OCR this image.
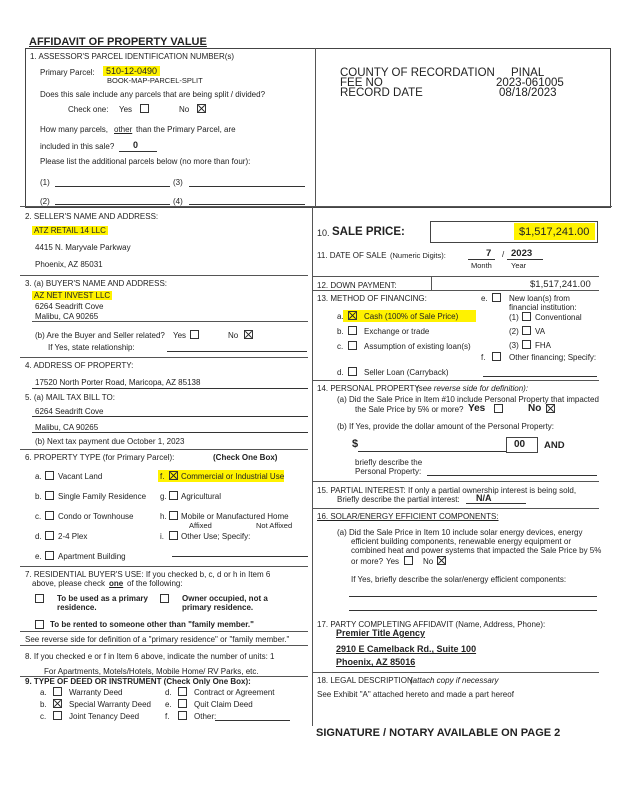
AFFIDAVIT OF PROPERTY VALUE
1. ASSESSOR'S PARCEL IDENTIFICATION NUMBER(s)
Primary Parcel:	510-12-0490
BOOK-MAP-PARCEL-SPLIT
Does this sale include any parcels that are being split / divided?
Check one: Yes	No
How many parcels, other than the Primary Parcel, are
included in this sale? 0
Please list the additional parcels below (no more than four):
(1)	(3)
(2)	(4)
COUNTY OF RECORDATION PINAL
FEE NO	2023-061005
RECORD DATE	08/18/2023
2. SELLER'S NAME AND ADDRESS:
ATZ RETAIL 14 LLC
4415 N. Maryvale Parkway
Phoenix, AZ 85031
3. (a) BUYER'S NAME AND ADDRESS:
AZ NET INVEST LLC
6264 Seadrift Cove
Malibu, CA 90265
(b) Are the Buyer and Seller related? Yes	No
If Yes, state relationship:
4. ADDRESS OF PROPERTY:
17520 North Porter Road, Maricopa, AZ 85138
5. (a) MAIL TAX BILL TO:
6264 Seadrift Cove
Malibu, CA 90265
(b) Next tax payment due October 1, 2023
6. PROPERTY TYPE (for Primary Parcel):	(Check One Box)
a. Vacant Land
b. Single Family Residence
c. Condo or Townhouse
d. 2-4 Plex
e. Apartment Building
f. Commercial or Industrial Use
g. Agricultural
h. Mobile or Manufactured Home
Affixed	Not Affixed
i. Other Use; Specify:
7. RESIDENTIAL BUYER'S USE: If you checked b, c, d or h in Item 6
above, please check one of the following:
To be used as a primary
residence.
Owner occupied, not a
primary residence.
To be rented to someone other than "family member."
See reverse side for definition of a "primary residence" or "family member."
8. If you checked e or f in Item 6 above, indicate the number of units: 1
For Apartments, Motels/Hotels, Mobile Home/ RV Parks, etc.
9. TYPE OF DEED OR INSTRUMENT (Check Only One Box):
a.	Warranty Deed
b.	Special Warranty Deed
c.	Joint Tenancy Deed
d.	Contract or Agreement
e.	Quit Claim Deed
f.	Other:
10. SALE PRICE:	$1,517,241.00
11. DATE OF SALE (Numeric Digits):	7 / 2023
Month	Year
12. DOWN PAYMENT:	$1,517,241.00
13. METHOD OF FINANCING:
a.	Cash (100% of Sale Price)
b.	Exchange or trade
c.	Assumption of existing loan(s)
d.	Seller Loan (Carryback)
e.	New loan(s) from
financial institution:
(1) Conventional
(2) VA
(3) FHA
f.	Other financing; Specify:
14. PERSONAL PROPERTY
(see reverse side for definition):
(a) Did the Sale Price in Item #10 include Personal Property that impacted
the Sale Price by 5% or more? Yes	No
(b) If Yes, provide the dollar amount of the Personal Property:
$	00 AND
briefly describe the
Personal Property:
15. PARTIAL INTEREST: If only a partial ownership interest is being sold,
Briefly describe the partial interest: N/A
16. SOLAR/ENERGY EFFICIENT COMPONENTS:
(a) Did the Sale Price in Item 10 include solar energy devices, energy
efficient building components, renewable energy equipment or
combined heat and power systems that impacted the Sale Price by 5%
or more? Yes	No
If Yes, briefly describe the solar/energy efficient components:
17. PARTY COMPLETING AFFIDAVIT (Name, Address, Phone):
Premier Title Agency
2910 E Camelback Rd., Suite 100
Phoenix, AZ 85016
18. LEGAL DESCRIPTION
(attach copy if necessary
See Exhibit "A" attached hereto and made a part hereof
SIGNATURE / NOTARY AVAILABLE ON PAGE 2
